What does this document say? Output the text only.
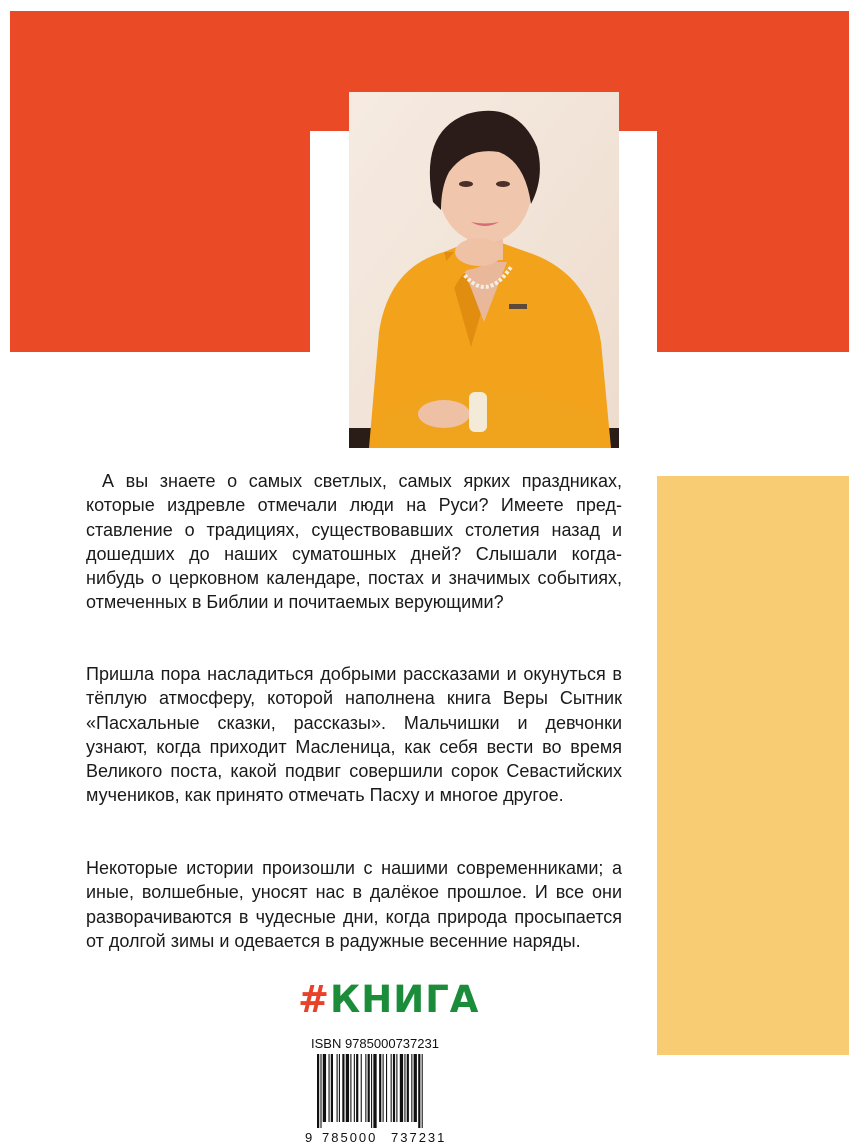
А вы знаете о самых светлых, самых ярких праздниках, которые издревле отмечали люди на Руси? Имеете представление о традициях, существовавших столетия назад и дошедших до наших суматошных дней? Слышали когда-нибудь о церковном календаре, постах и значимых событиях, отмеченных в Библии и почитаемых верующими?

Пришла пора насладиться добрыми рассказами и окунуться в тёплую атмосферу, которой наполнена книга Веры Сытник «Пасхальные сказки, рассказы». Мальчишки и девчонки узнают, когда приходит Масленица, как себя вести во время Великого поста, какой подвиг совершили сорок Севастийских мучеников, как принято отмечать Пасху и многое другое.

Некоторые истории произошли с нашими современниками; а иные, волшебные, уносят нас в далёкое прошлое. И все они разворачиваются в чудесные дни, когда природа просыпается от долгой зимы и одевается в радужные весенние наряды.

#КНИГА
ISBN 9785000737231
9 785000 737231
